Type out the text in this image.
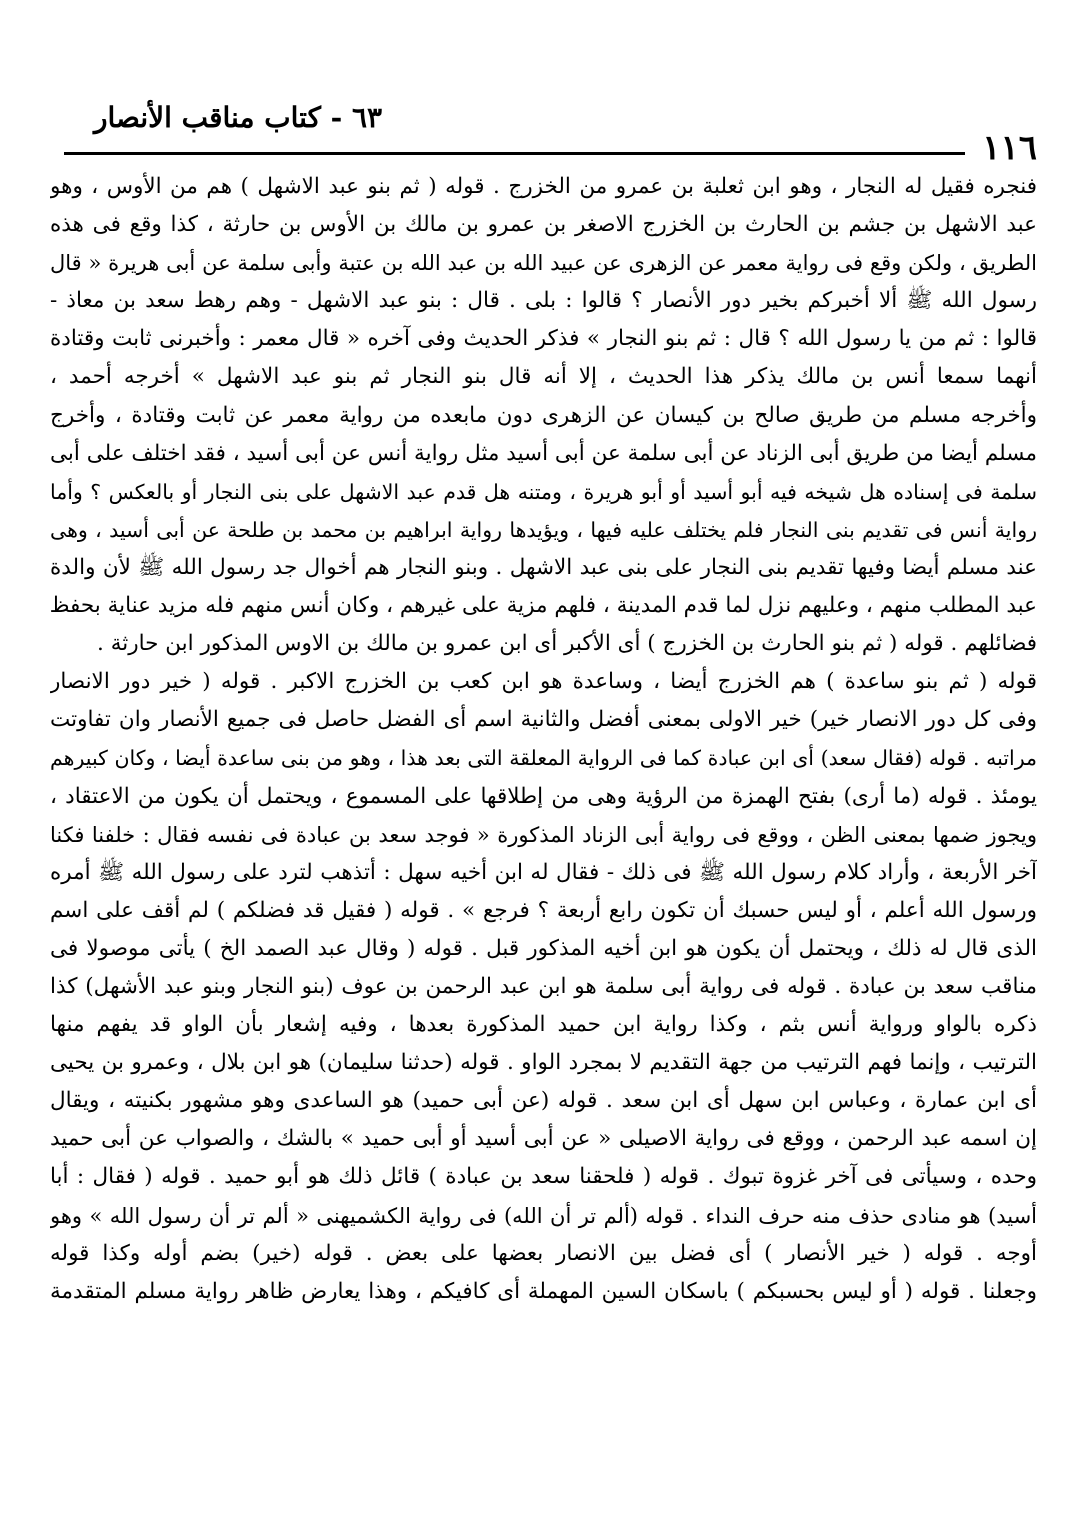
١١٦
٦٣ - كتاب مناقب الأنصار
فنجره فقيل له النجار ، وهو ابن ثعلبة بن عمرو من الخزرج . قوله ( ثم بنو عبد الاشهل ) هم من الأوس ، وهو
عبد الاشهل بن جشم بن الحارث بن الخزرج الاصغر بن عمرو بن مالك بن الأوس بن حارثة ، كذا وقع فى هذه
الطريق ، ولكن وقع فى رواية معمر عن الزهرى عن عبيد الله بن عبد الله بن عتبة وأبى سلمة عن أبى هريرة « قال
رسول الله ﷺ ألا أخبركم بخير دور الأنصار ؟ قالوا : بلى . قال : بنو عبد الاشهل - وهم رهط سعد بن معاذ -
قالوا : ثم من يا رسول الله ؟ قال : ثم بنو النجار » فذكر الحديث وفى آخره « قال معمر : وأخبرنى ثابت وقتادة
أنهما سمعا أنس بن مالك يذكر هذا الحديث ، إلا أنه قال بنو النجار ثم بنو عبد الاشهل » أخرجه أحمد ،
وأخرجه مسلم من طريق صالح بن كيسان عن الزهرى دون مابعده من رواية معمر عن ثابت وقتادة ، وأخرج
مسلم أيضا من طريق أبى الزناد عن أبى سلمة عن أبى أسيد مثل رواية أنس عن أبى أسيد ، فقد اختلف على أبى
سلمة فى إسناده هل شيخه فيه أبو أسيد أو أبو هريرة ، ومتنه هل قدم عبد الاشهل على بنى النجار أو بالعكس ؟ وأما
رواية أنس فى تقديم بنى النجار فلم يختلف عليه فيها ، ويؤيدها رواية ابراهيم بن محمد بن طلحة عن أبى أسيد ، وهى
عند مسلم أيضا وفيها تقديم بنى النجار على بنى عبد الاشهل . وبنو النجار هم أخوال جد رسول الله ﷺ لأن والدة
عبد المطلب منهم ، وعليهم نزل لما قدم المدينة ، فلهم مزية على غيرهم ، وكان أنس منهم فله مزيد عناية بحفظ
فضائلهم . قوله ( ثم بنو الحارث بن الخزرج ) أى الأكبر أى ابن عمرو بن مالك بن الاوس المذكور ابن حارثة .
قوله ( ثم بنو ساعدة ) هم الخزرج أيضا ، وساعدة هو ابن كعب بن الخزرج الاكبر . قوله ( خير دور الانصار
وفى كل دور الانصار خير) خير الاولى بمعنى أفضل والثانية اسم أى الفضل حاصل فى جميع الأنصار وان تفاوتت
مراتبه . قوله (فقال سعد) أى ابن عبادة كما فى الرواية المعلقة التى بعد هذا ، وهو من بنى ساعدة أيضا ، وكان كبيرهم
يومئذ . قوله (ما أرى) بفتح الهمزة من الرؤية وهى من إطلاقها على المسموع ، ويحتمل أن يكون من الاعتقاد ،
ويجوز ضمها بمعنى الظن ، ووقع فى رواية أبى الزناد المذكورة « فوجد سعد بن عبادة فى نفسه فقال : خلفنا فكنا
آخر الأربعة ، وأراد كلام رسول الله ﷺ فى ذلك - فقال له ابن أخيه سهل : أتذهب لترد على رسول الله ﷺ أمره
ورسول الله أعلم ، أو ليس حسبك أن تكون رابع أربعة ؟ فرجع » . قوله ( فقيل قد فضلكم ) لم أقف على اسم
الذى قال له ذلك ، ويحتمل أن يكون هو ابن أخيه المذكور قبل . قوله ( وقال عبد الصمد الخ ) يأتى موصولا فى
مناقب سعد بن عبادة . قوله فى رواية أبى سلمة هو ابن عبد الرحمن بن عوف (بنو النجار وبنو عبد الأشهل) كذا
ذكره بالواو ورواية أنس بثم ، وكذا رواية ابن حميد المذكورة بعدها ، وفيه إشعار بأن الواو قد يفهم منها
الترتيب ، وإنما فهم الترتيب من جهة التقديم لا بمجرد الواو . قوله (حدثنا سليمان) هو ابن بلال ، وعمرو بن يحيى
أى ابن عمارة ، وعباس ابن سهل أى ابن سعد . قوله (عن أبى حميد) هو الساعدى وهو مشهور بكنيته ، ويقال
إن اسمه عبد الرحمن ، ووقع فى رواية الاصيلى « عن أبى أسيد أو أبى حميد » بالشك ، والصواب عن أبى حميد
وحده ، وسيأتى فى آخر غزوة تبوك . قوله ( فلحقنا سعد بن عبادة ) قائل ذلك هو أبو حميد . قوله ( فقال : أبا
أسيد) هو منادى حذف منه حرف النداء . قوله (ألم تر أن الله) فى رواية الكشميهنى « ألم تر أن رسول الله » وهو
أوجه . قوله ( خير الأنصار ) أى فضل بين الانصار بعضها على بعض . قوله (خير) بضم أوله وكذا قوله
وجعلنا . قوله ( أو ليس بحسبكم ) باسكان السين المهملة أى كافيكم ، وهذا يعارض ظاهر رواية مسلم المتقدمة
